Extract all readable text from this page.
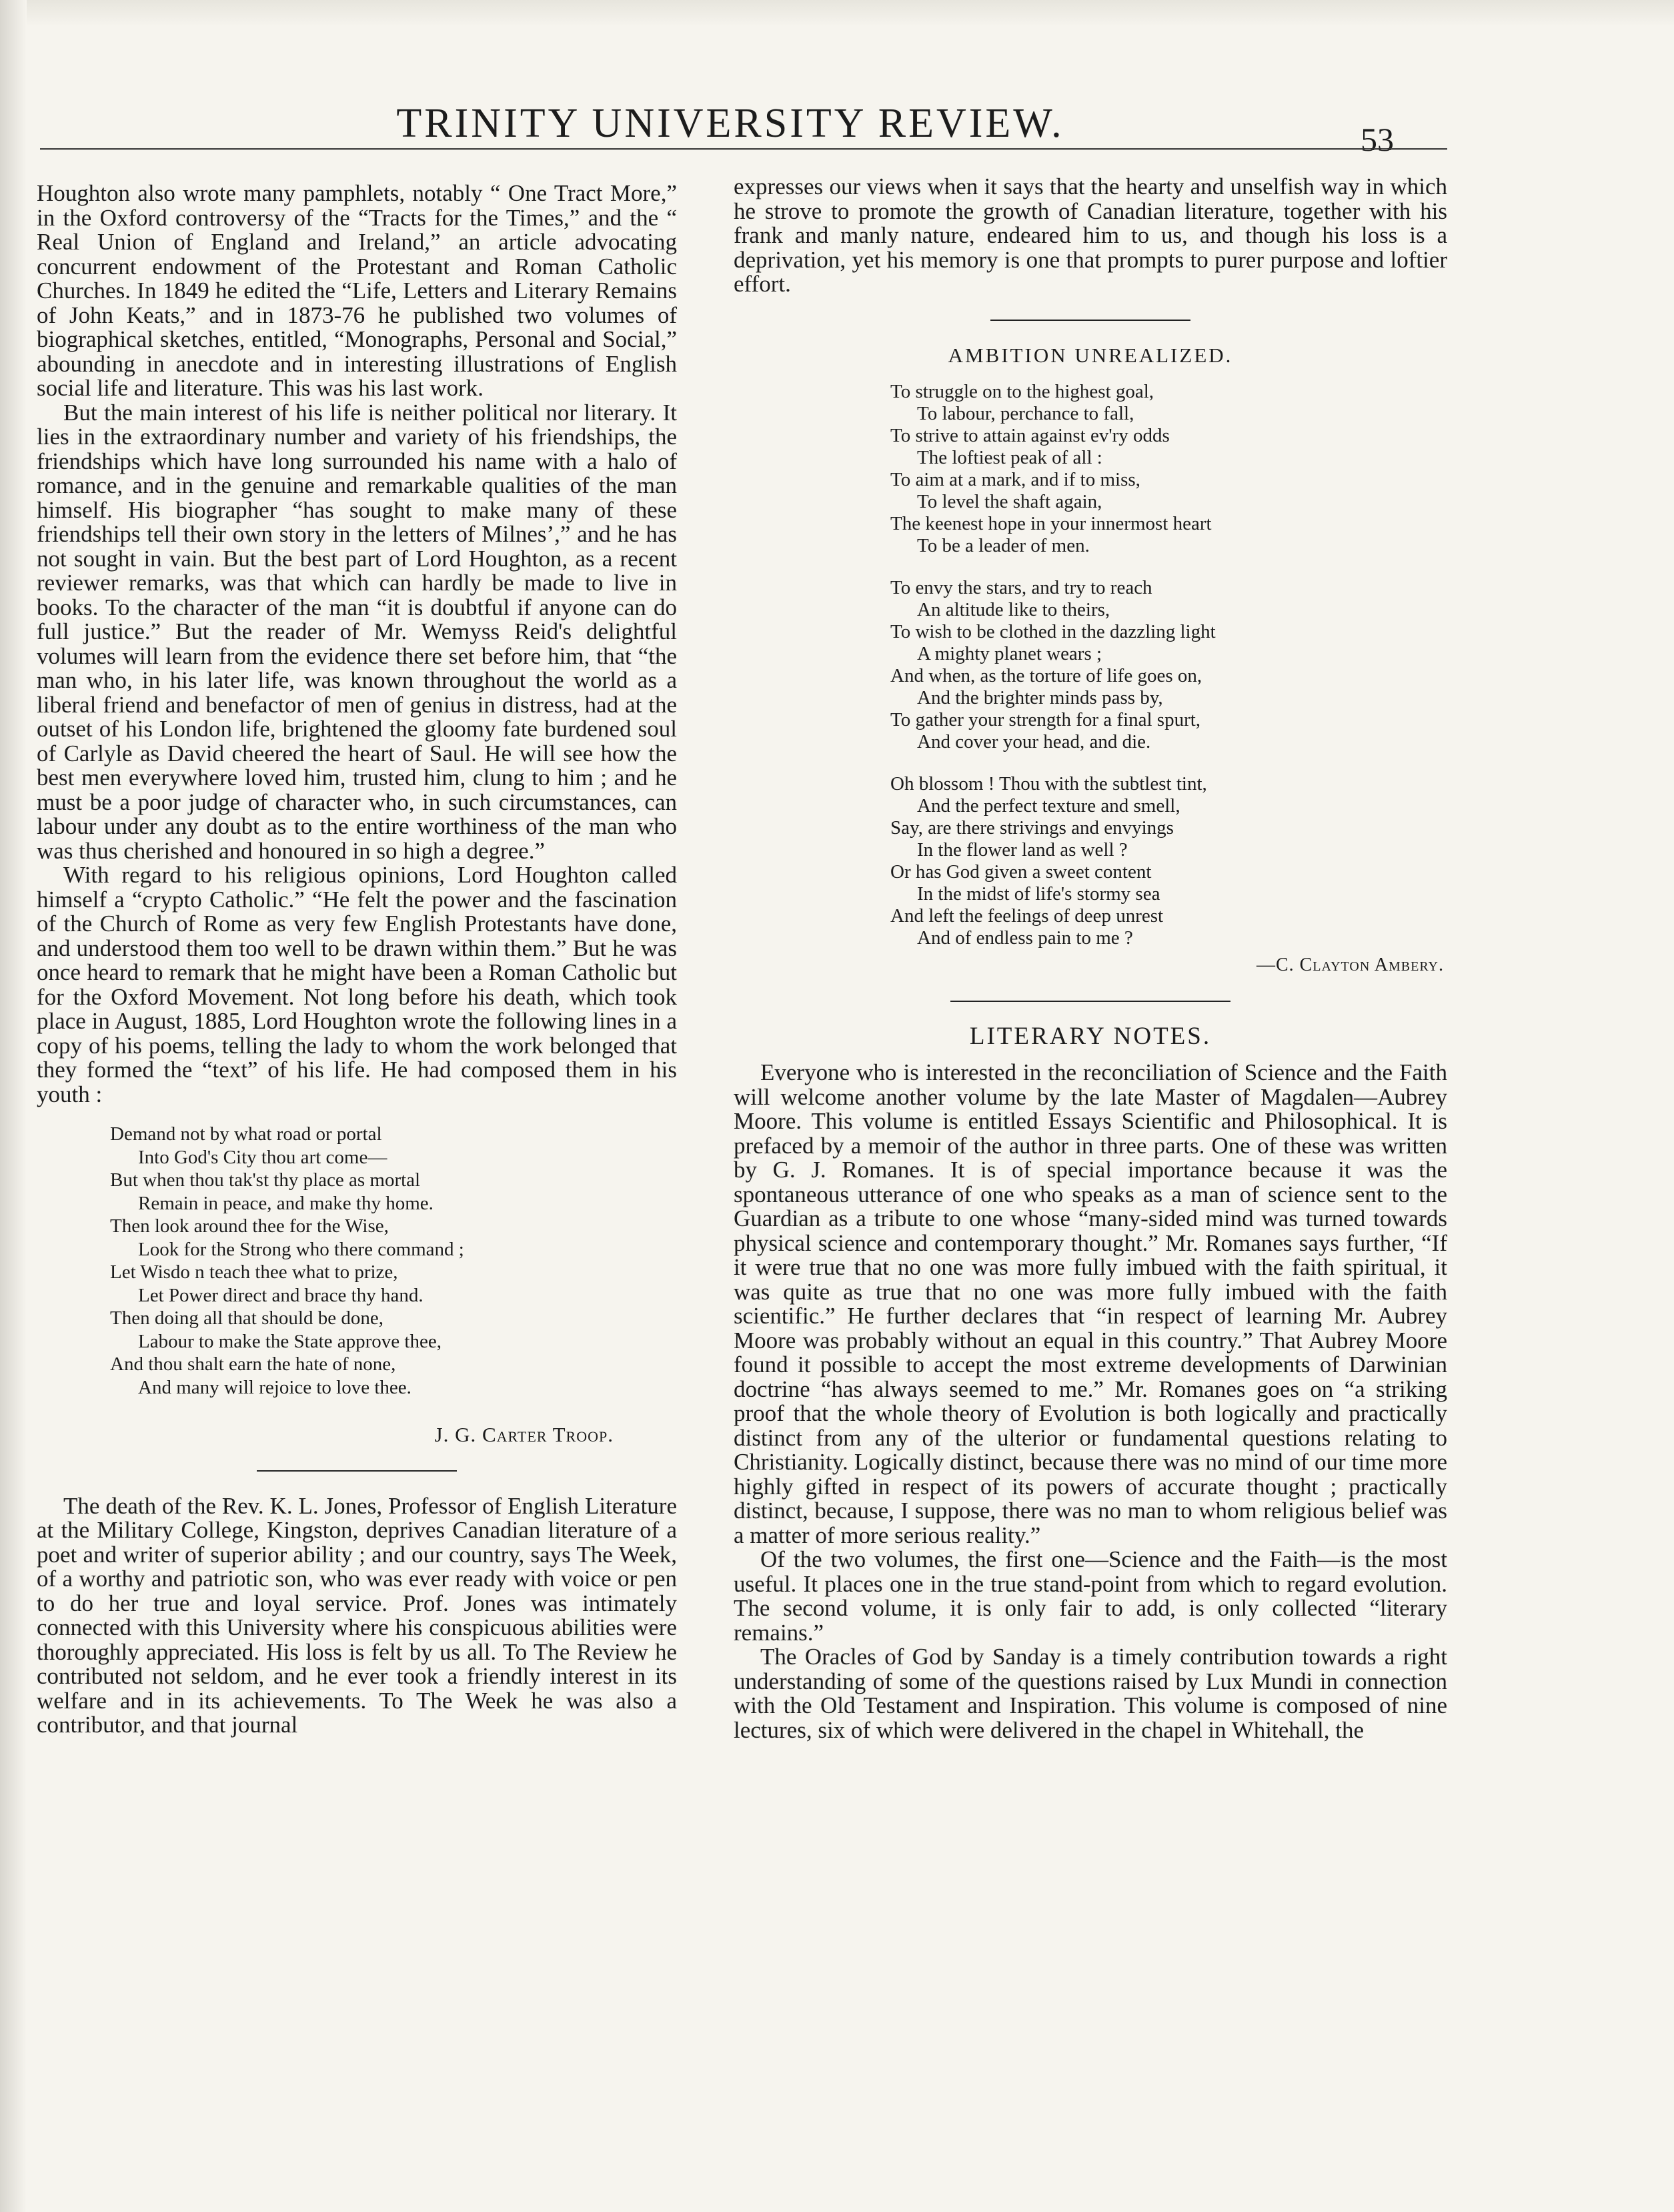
TRINITY UNIVERSITY REVIEW.	53

Houghton also wrote many pamphlets, notably “ One Tract More,” in the Oxford controversy of the “Tracts for the Times,” and the “ Real Union of England and Ireland,” an article advocating concurrent endowment of the Protestant and Roman Catholic Churches. In 1849 he edited the “Life, Letters and Literary Remains of John Keats,” and in 1873-76 he published two volumes of biographical sketches, entitled, “Monographs, Personal and Social,” abounding in anecdote and in interesting illustrations of English social life and literature. This was his last work.

But the main interest of his life is neither political nor literary. It lies in the extraordinary number and variety of his friendships, the friendships which have long surrounded his name with a halo of romance, and in the genuine and remarkable qualities of the man himself. His biographer “has sought to make many of these friendships tell their own story in the letters of Milnes’,” and he has not sought in vain. But the best part of Lord Houghton, as a recent reviewer remarks, was that which can hardly be made to live in books. To the character of the man “it is doubtful if anyone can do full justice.” But the reader of Mr. Wemyss Reid's delightful volumes will learn from the evidence there set before him, that “the man who, in his later life, was known throughout the world as a liberal friend and benefactor of men of genius in distress, had at the outset of his London life, brightened the gloomy fate burdened soul of Carlyle as David cheered the heart of Saul. He will see how the best men everywhere loved him, trusted him, clung to him ; and he must be a poor judge of character who, in such circumstances, can labour under any doubt as to the entire worthiness of the man who was thus cherished and honoured in so high a degree.”

With regard to his religious opinions, Lord Houghton called himself a “crypto Catholic.” “He felt the power and the fascination of the Church of Rome as very few English Protestants have done, and understood them too well to be drawn within them.” But he was once heard to remark that he might have been a Roman Catholic but for the Oxford Movement. Not long before his death, which took place in August, 1885, Lord Houghton wrote the following lines in a copy of his poems, telling the lady to whom the work belonged that they formed the “text” of his life. He had composed them in his youth :

Demand not by what road or portal
Into God's City thou art come—
But when thou tak'st thy place as mortal
Remain in peace, and make thy home.
Then look around thee for the Wise,
Look for the Strong who there command ;
Let Wisdo n teach thee what to prize,
Let Power direct and brace thy hand.
Then doing all that should be done,
Labour to make the State approve thee,
And thou shalt earn the hate of none,
And many will rejoice to love thee.
J. G. Carter Troop.

The death of the Rev. K. L. Jones, Professor of English Literature at the Military College, Kingston, deprives Canadian literature of a poet and writer of superior ability ; and our country, says The Week, of a worthy and patriotic son, who was ever ready with voice or pen to do her true and loyal service. Prof. Jones was intimately connected with this University where his conspicuous abilities were thoroughly appreciated. His loss is felt by us all. To The Review he contributed not seldom, and he ever took a friendly interest in its welfare and in its achievements. To The Week he was also a contributor, and that journal

expresses our views when it says that the hearty and unselfish way in which he strove to promote the growth of Canadian literature, together with his frank and manly nature, endeared him to us, and though his loss is a deprivation, yet his memory is one that prompts to purer purpose and loftier effort.

AMBITION UNREALIZED.
To struggle on to the highest goal,
To labour, perchance to fall,
To strive to attain against ev'ry odds
The loftiest peak of all :
To aim at a mark, and if to miss,
To level the shaft again,
The keenest hope in your innermost heart
To be a leader of men.
To envy the stars, and try to reach
An altitude like to theirs,
To wish to be clothed in the dazzling light
A mighty planet wears ;
And when, as the torture of life goes on,
And the brighter minds pass by,
To gather your strength for a final spurt,
And cover your head, and die.
Oh blossom ! Thou with the subtlest tint,
And the perfect texture and smell,
Say, are there strivings and envyings
In the flower land as well ?
Or has God given a sweet content
In the midst of life's stormy sea
And left the feelings of deep unrest
And of endless pain to me ?
—C. Clayton Ambery.
LITERARY NOTES.

Everyone who is interested in the reconciliation of Science and the Faith will welcome another volume by the late Master of Magdalen—Aubrey Moore. This volume is entitled Essays Scientific and Philosophical. It is prefaced by a memoir of the author in three parts. One of these was written by G. J. Romanes. It is of special importance because it was the spontaneous utterance of one who speaks as a man of science sent to the Guardian as a tribute to one whose “many-sided mind was turned towards physical science and contemporary thought.” Mr. Romanes says further, “If it were true that no one was more fully imbued with the faith spiritual, it was quite as true that no one was more fully imbued with the faith scientific.” He further declares that “in respect of learning Mr. Aubrey Moore was probably without an equal in this country.” That Aubrey Moore found it possible to accept the most extreme developments of Darwinian doctrine “has always seemed to me.” Mr. Romanes goes on “a striking proof that the whole theory of Evolution is both logically and practically distinct from any of the ulterior or fundamental questions relating to Christianity. Logically distinct, because there was no mind of our time more highly gifted in respect of its powers of accurate thought ; practically distinct, because, I suppose, there was no man to whom religious belief was a matter of more serious reality.”

Of the two volumes, the first one—Science and the Faith—is the most useful. It places one in the true stand-point from which to regard evolution. The second volume, it is only fair to add, is only collected “literary remains.”

The Oracles of God by Sanday is a timely contribution towards a right understanding of some of the questions raised by Lux Mundi in connection with the Old Testament and Inspiration. This volume is composed of nine lectures, six of which were delivered in the chapel in Whitehall, the
